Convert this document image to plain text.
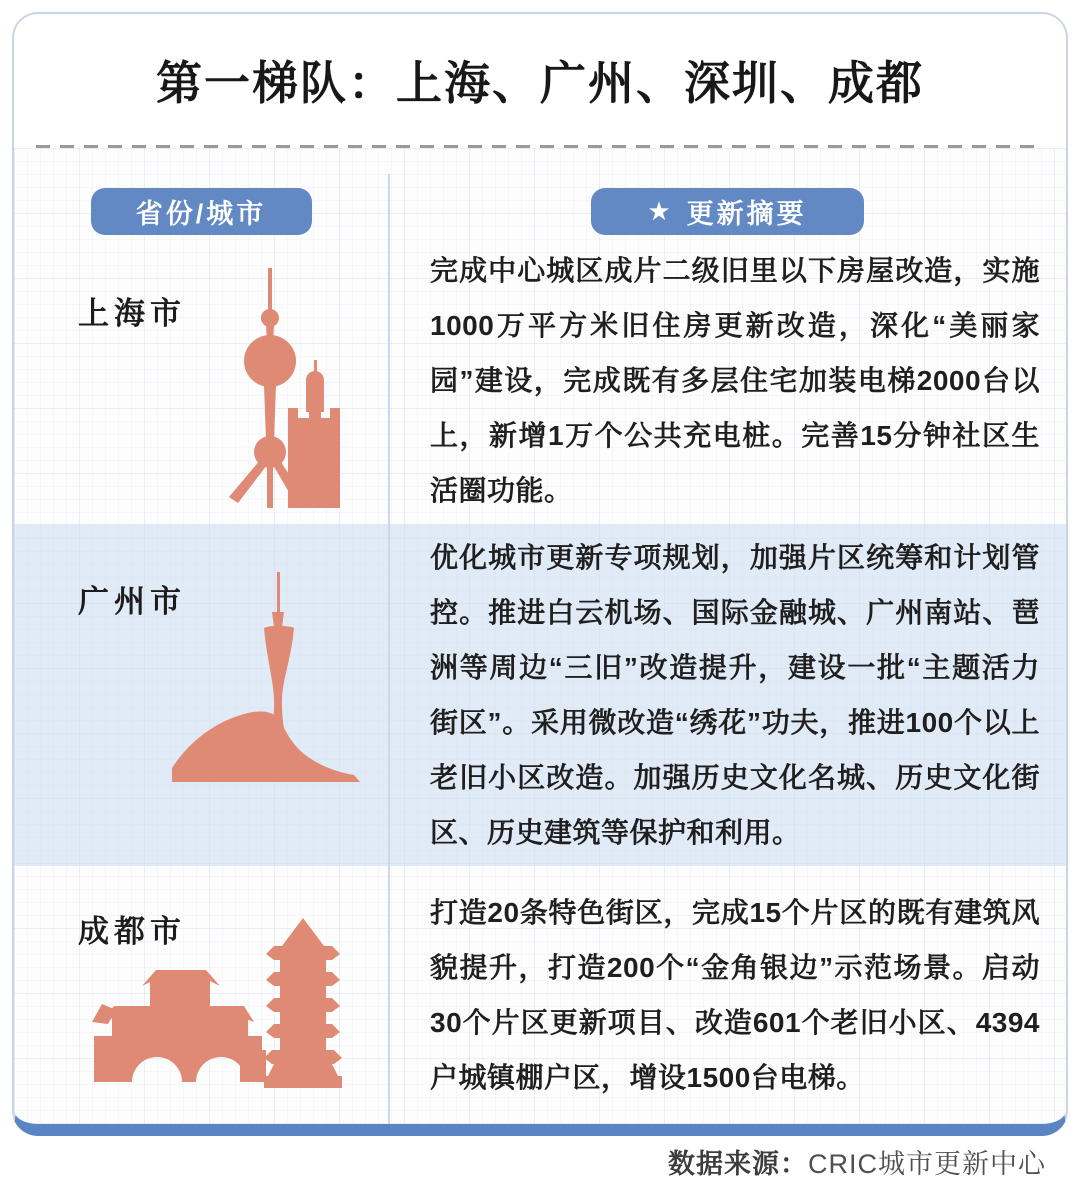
第一梯队：上海、广州、深圳、成都
省份/城市	★ 更新摘要
上海市

完成中心城区成片二级旧里以下房屋改造，实施1000万平方米旧住房更新改造，深化“美丽家园”建设，完成既有多层住宅加装电梯2000台以上，新增1万个公共充电桩。完善15分钟社区生活圈功能。

广州市

优化城市更新专项规划，加强片区统筹和计划管控。推进白云机场、国际金融城、广州南站、琶洲等周边“三旧”改造提升，建设一批“主题活力街区”。采用微改造“绣花”功夫，推进100个以上老旧小区改造。加强历史文化名城、历史文化街区、历史建筑等保护和利用。

成都市

打造20条特色街区，完成15个片区的既有建筑风貌提升，打造200个“金角银边”示范场景。启动30个片区更新项目、改造601个老旧小区、4394户城镇棚户区，增设1500台电梯。

数据来源：CRIC城市更新中心
